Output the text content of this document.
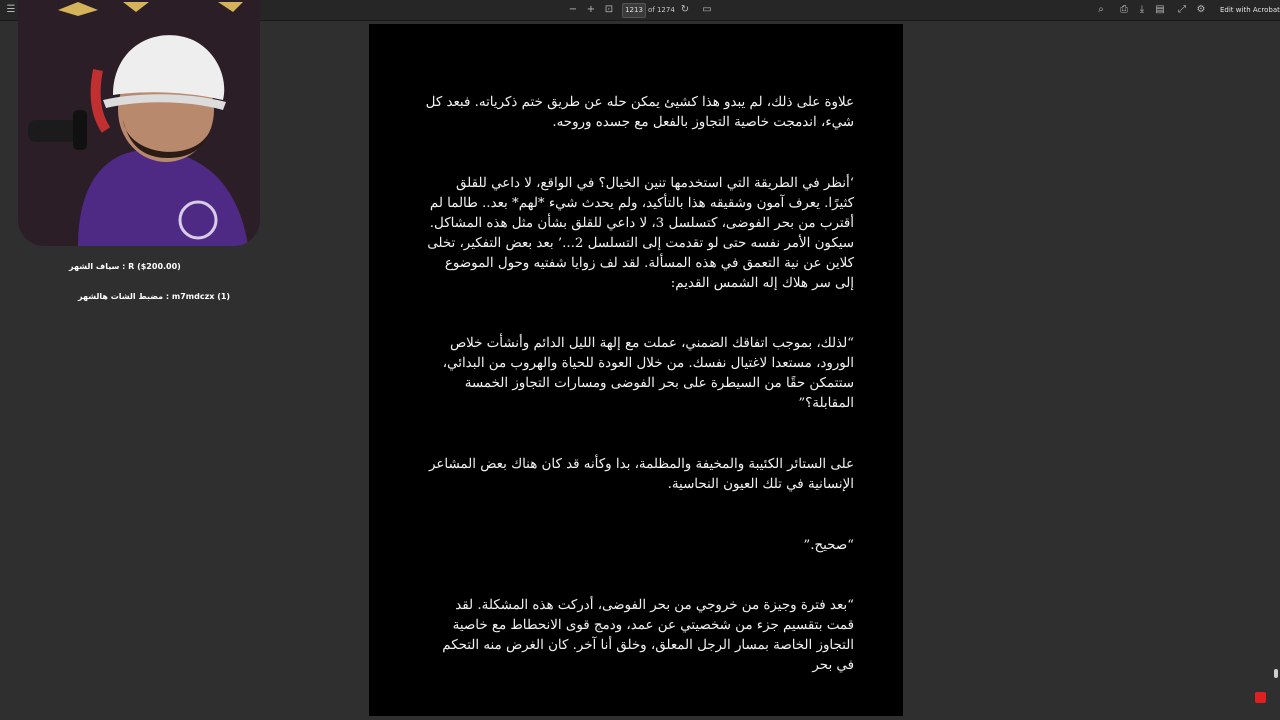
☰	− + ⊡	1213 of 1274 ↻ ▭	⌕	⎙	⤓	▤	⤢	⚙	Edit with Acrobat
علاوة على ذلك، لم يبدو هذا كشيئ يمكن حله عن طريق ختم ذكرياته. فبعد كل شيء، اندمجت خاصية التجاوز بالفعل مع جسده وروحه.
‘أنظر في الطريقة التي استخدمها تنين الخيال؟ في الواقع، لا داعي للقلق كثيرًا. يعرف آمون وشقيقه هذا بالتأكيد، ولم يحدث شيء *لهم* بعد.. طالما لم أقترب من بحر الفوضى، كتسلسل 3، لا داعي للقلق بشأن مثل هذه المشاكل. سيكون الأمر نفسه حتى لو تقدمت إلى التسلسل 2...’ بعد بعض التفكير، تخلى كلاين عن نية التعمق في هذه المسألة. لقد لف زوايا شفتيه وحول الموضوع إلى سر هلاك إله الشمس القديم:
“لذلك، بموجب اتفاقك الضمني، عملت مع إلهة الليل الدائم وأنشأت خلاص الورود، مستعدا لاغتيال نفسك. من خلال العودة للحياة والهروب من البدائي، ستتمكن حقًا من السيطرة على بحر الفوضى ومسارات التجاوز الخمسة المقابلة؟”
على الستائر الكئيبة والمخيفة والمظلمة، بدا وكأنه قد كان هناك بعض المشاعر الإنسانية في تلك العيون النحاسية.
“صحيح.”
“بعد فترة وجيزة من خروجي من بحر الفوضى، أدركت هذه المشكلة. لقد قمت بتقسيم جزء من شخصيتي عن عمد، ودمج قوى الانحطاط مع خاصية التجاوز الخاصة بمسار الرجل المعلق، وخلق أنا آخر. كان الغرض منه التحكم في بحر
R ($200.00) : سياف الشهر
m7mdczx (1) : مضبط الشات هالشهر
